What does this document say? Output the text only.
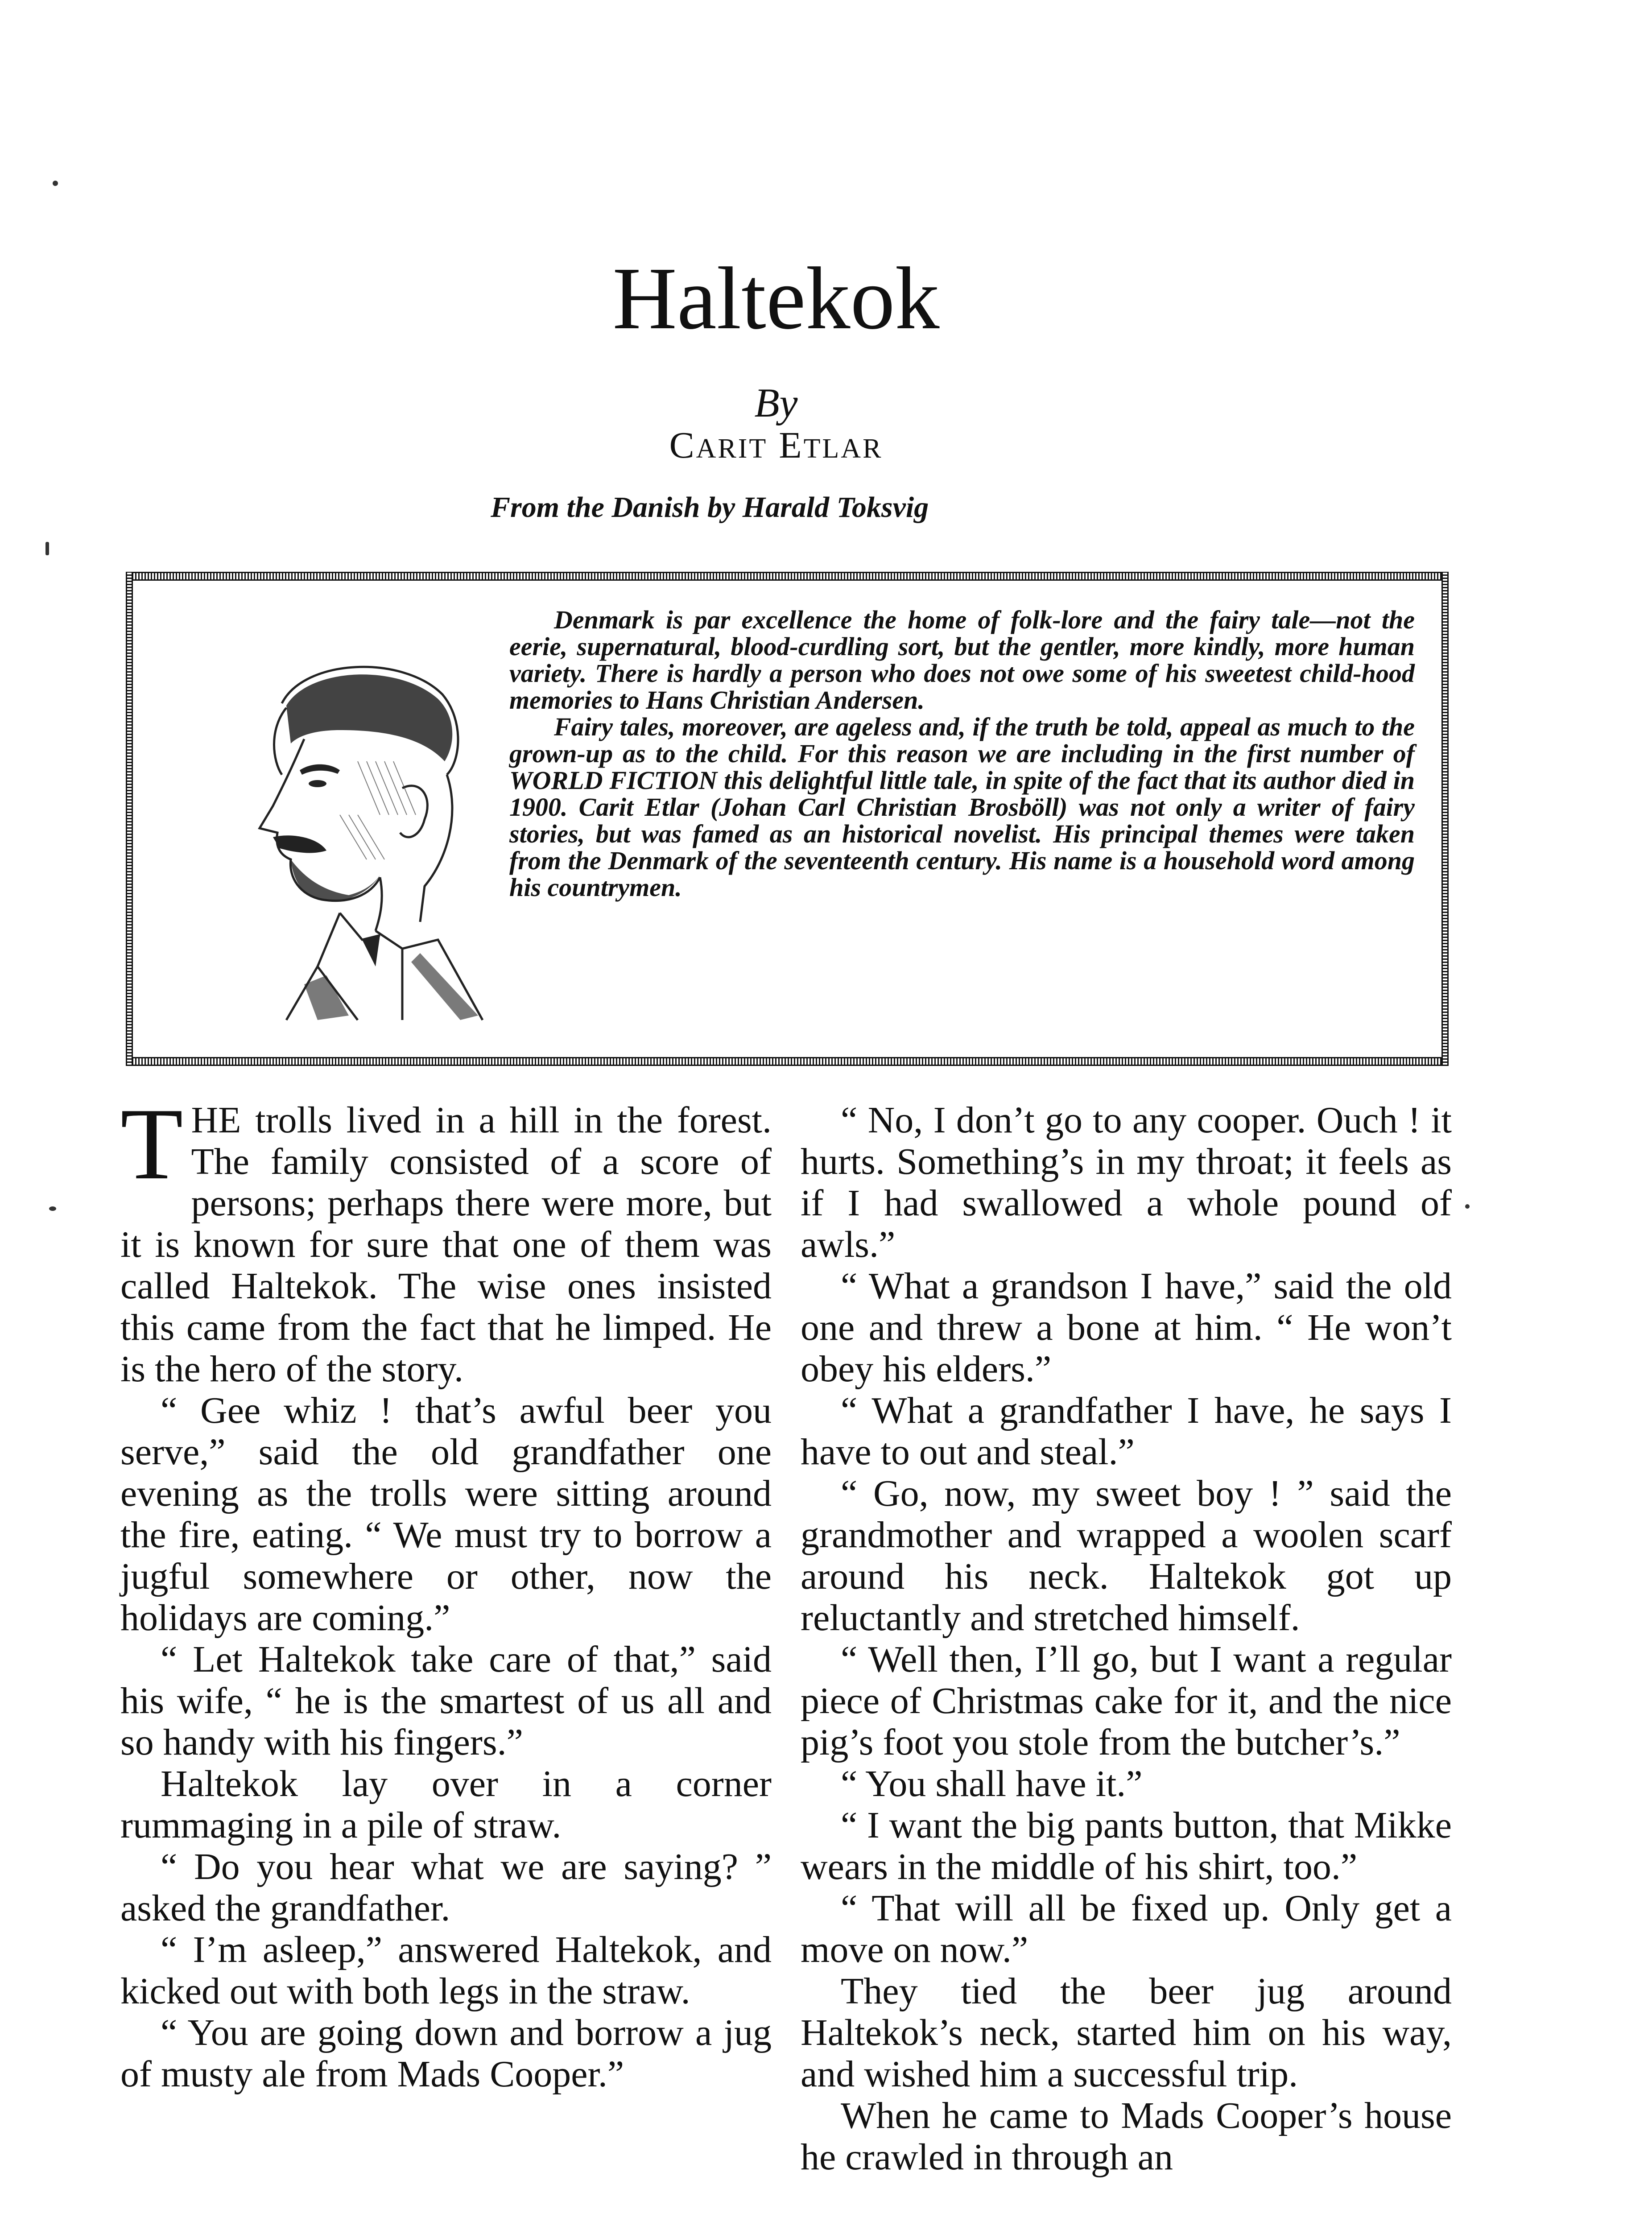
Haltekok
By
CARIT ETLAR
From the Danish by Harald Toksvig

Denmark is par excellence the home of folk-lore and the fairy tale—not the eerie, supernatural, blood-curdling sort, but the gentler, more kindly, more human variety. There is hardly a person who does not owe some of his sweetest child-hood memories to Hans Christian Andersen.

Fairy tales, moreover, are ageless and, if the truth be told, appeal as much to the grown-up as to the child. For this reason we are including in the first number of WORLD FICTION this delightful little tale, in spite of the fact that its author died in 1900. Carit Etlar (Johan Carl Christian Brosböll) was not only a writer of fairy stories, but was famed as an historical novelist. His principal themes were taken from the Denmark of the seventeenth century. His name is a household word among his countrymen.

THE trolls lived in a hill in the forest. The family consisted of a score of persons; perhaps there were more, but it is known for sure that one of them was called Haltekok. The wise ones insisted this came from the fact that he limped. He is the hero of the story.

“ Gee whiz ! that’s awful beer you serve,” said the old grandfather one evening as the trolls were sitting around the fire, eating. “ We must try to borrow a jugful somewhere or other, now the holidays are coming.”

“ Let Haltekok take care of that,” said his wife, “ he is the smartest of us all and so handy with his fingers.”

Haltekok lay over in a corner rummaging in a pile of straw.

“ Do you hear what we are saying? ” asked the grandfather.

“ I’m asleep,” answered Haltekok, and kicked out with both legs in the straw.

“ You are going down and borrow a jug of musty ale from Mads Cooper.”

“ No, I don’t go to any cooper. Ouch ! it hurts. Something’s in my throat; it feels as if I had swallowed a whole pound of awls.”

“ What a grandson I have,” said the old one and threw a bone at him. “ He won’t obey his elders.”

“ What a grandfather I have, he says I have to out and steal.”

“ Go, now, my sweet boy ! ” said the grandmother and wrapped a woolen scarf around his neck. Haltekok got up reluctantly and stretched himself.

“ Well then, I’ll go, but I want a regular piece of Christmas cake for it, and the nice pig’s foot you stole from the butcher’s.”

“ You shall have it.”

“ I want the big pants button, that Mikke wears in the middle of his shirt, too.”

“ That will all be fixed up. Only get a move on now.”

They tied the beer jug around Haltekok’s neck, started him on his way, and wished him a successful trip.

When he came to Mads Cooper’s house he crawled in through an
